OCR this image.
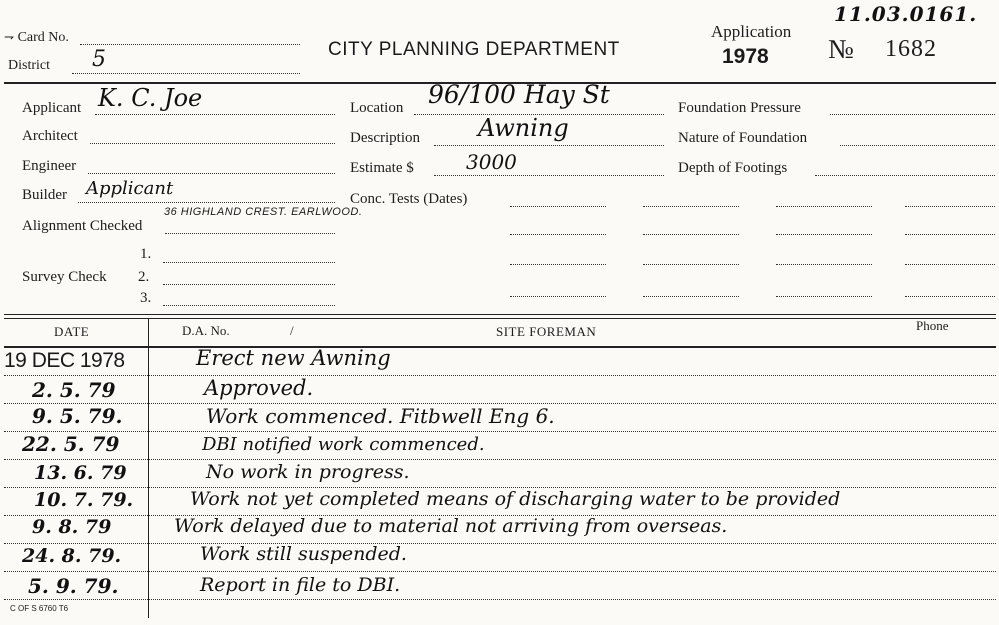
⇁ Card No.
District 5	CITY PLANNING DEPARTMENT
Application
1978 № 1682
11.03.0161.
Applicant K. C. Joe
Architect
Engineer
Builder Applicant
36 HIGHLAND CREST. EARLWOOD.
Alignment Checked
Survey Check
1.
2.
3.
Location 96/100 Hay St
Description Awning
Estimate $	3000
Conc. Tests (Dates)
Foundation Pressure
Nature of Foundation
Depth of Footings
DATE	D.A. No.	/	SITE FOREMAN	Phone
19 DEC 1978	Erect new Awning
2. 5. 79	Approved.
9. 5. 79.	Work commenced. Fitbwell Eng 6.
22. 5. 79	DBI notified work commenced.
13. 6. 79	No work in progress.
10. 7. 79.	Work not yet completed means of discharging water to be provided
9. 8. 79	Work delayed due to material not arriving from overseas.
24. 8. 79.	Work still suspended.
5. 9. 79.	Report in file to DBI.
C OF S 6760 T6
